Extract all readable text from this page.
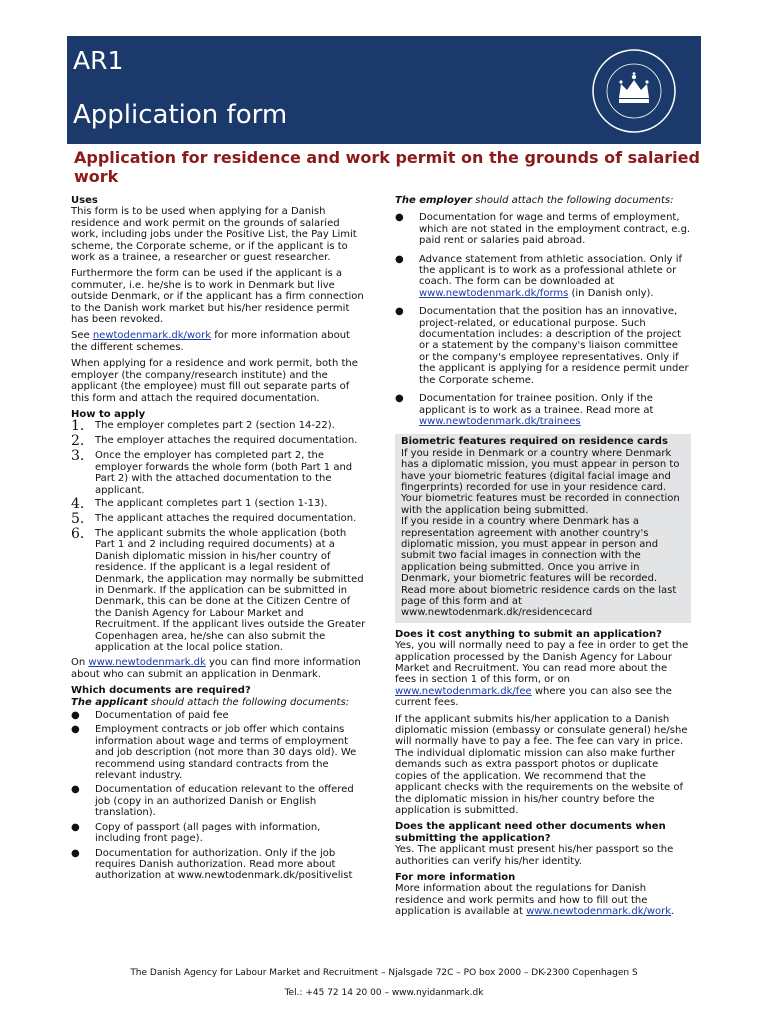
AR1
Application form
Application for residence and work permit on the grounds of salaried work

Uses

This form is to be used when applying for a Danish residence and work permit on the grounds of salaried work, including jobs under the Positive List, the Pay Limit scheme, the Corporate scheme, or if the applicant is to work as a trainee, a researcher or guest researcher.

Furthermore the form can be used if the applicant is a commuter, i.e. he/she is to work in Denmark but live outside Denmark, or if the applicant has a firm connection to the Danish work market but his/her residence permit has been revoked.

See newtodenmark.dk/work for more information about the different schemes.

When applying for a residence and work permit, both the employer (the company/research institute) and the applicant (the employee) must fill out separate parts of this form and attach the required documentation.

How to apply

1.	The employer completes part 2 (section 14-22).
2.	The employer attaches the required documentation.
3.	Once the employer has completed part 2, the employer forwards the whole form (both Part 1 and Part 2) with the attached documentation to the applicant.
4.	The applicant completes part 1 (section 1-13).
5.	The applicant attaches the required documentation.
6.	The applicant submits the whole application (both Part 1 and 2 including required documents) at a Danish diplomatic mission in his/her country of residence. If the applicant is a legal resident of Denmark, the application may normally be submitted in Denmark. If the application can be submitted in Denmark, this can be done at the Citizen Centre of the Danish Agency for Labour Market and Recruitment. If the applicant lives outside the Greater Copenhagen area, he/she can also submit the application at the local police station.

On www.newtodenmark.dk you can find more information about who can submit an application in Denmark.

Which documents are required?

The applicant should attach the following documents:

●	Documentation of paid fee
●	Employment contracts or job offer which contains information about wage and terms of employment and job description (not more than 30 days old). We recommend using standard contracts from the relevant industry.
●	Documentation of education relevant to the offered job (copy in an authorized Danish or English translation).
●	Copy of passport (all pages with information, including front page).
●	Documentation for authorization. Only if the job requires Danish authorization. Read more about authorization at www.newtodenmark.dk/positivelist

The employer should attach the following documents:

●	Documentation for wage and terms of employment, which are not stated in the employment contract, e.g. paid rent or salaries paid abroad.
●	Advance statement from athletic association. Only if the applicant is to work as a professional athlete or coach. The form can be downloaded at www.newtodenmark.dk/forms (in Danish only).
●	Documentation that the position has an innovative, project-related, or educational purpose. Such documentation includes: a description of the project or a statement by the company's liaison committee or the company's employee representatives. Only if the applicant is applying for a residence permit under the Corporate scheme.
●	Documentation for trainee position. Only if the applicant is to work as a trainee. Read more at www.newtodenmark.dk/trainees

Biometric features required on residence cards

If you reside in Denmark or a country where Denmark has a diplomatic mission, you must appear in person to have your biometric features (digital facial image and fingerprints) recorded for use in your residence card. Your biometric features must be recorded in connection with the application being submitted.

If you reside in a country where Denmark has a representation agreement with another country's diplomatic mission, you must appear in person and submit two facial images in connection with the application being submitted. Once you arrive in Denmark, your biometric features will be recorded. Read more about biometric residence cards on the last page of this form and at www.newtodenmark.dk/residencecard

Does it cost anything to submit an application?

Yes, you will normally need to pay a fee in order to get the application processed by the Danish Agency for Labour Market and Recruitment. You can read more about the fees in section 1 of this form, or on www.newtodenmark.dk/fee where you can also see the current fees.

If the applicant submits his/her application to a Danish diplomatic mission (embassy or consulate general) he/she will normally have to pay a fee. The fee can vary in price. The individual diplomatic mission can also make further demands such as extra passport photos or duplicate copies of the application. We recommend that the applicant checks with the requirements on the website of the diplomatic mission in his/her country before the application is submitted.

Does the applicant need other documents when submitting the application?

Yes. The applicant must present his/her passport so the authorities can verify his/her identity.

For more information

More information about the regulations for Danish residence and work permits and how to fill out the application is available at www.newtodenmark.dk/work.

The Danish Agency for Labour Market and Recruitment – Njalsgade 72C – PO box 2000 – DK-2300 Copenhagen S
Tel.: +45 72 14 20 00 – www.nyidanmark.dk
